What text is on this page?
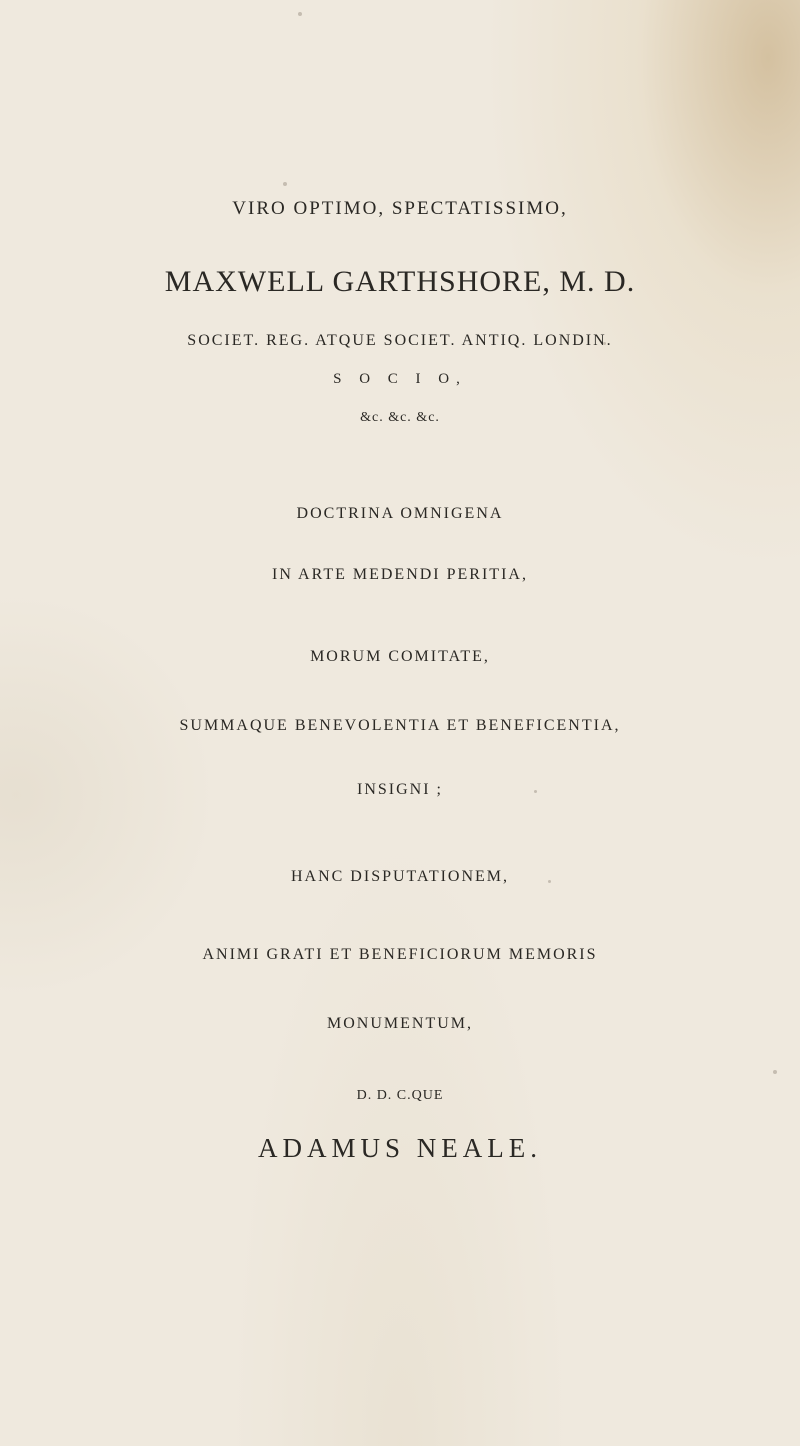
VIRO OPTIMO, SPECTATISSIMO,
MAXWELL GARTHSHORE, M. D.
SOCIET. REG. ATQUE SOCIET. ANTIQ. LONDIN.
S O C I O,
&c. &c. &c.
DOCTRINA OMNIGENA
IN ARTE MEDENDI PERITIA,
MORUM COMITATE,
SUMMAQUE BENEVOLENTIA ET BENEFICENTIA,
INSIGNI ;
HANC DISPUTATIONEM,
ANIMI GRATI ET BENEFICIORUM MEMORIS
MONUMENTUM,
D. D. C.QUE
ADAMUS NEALE.
